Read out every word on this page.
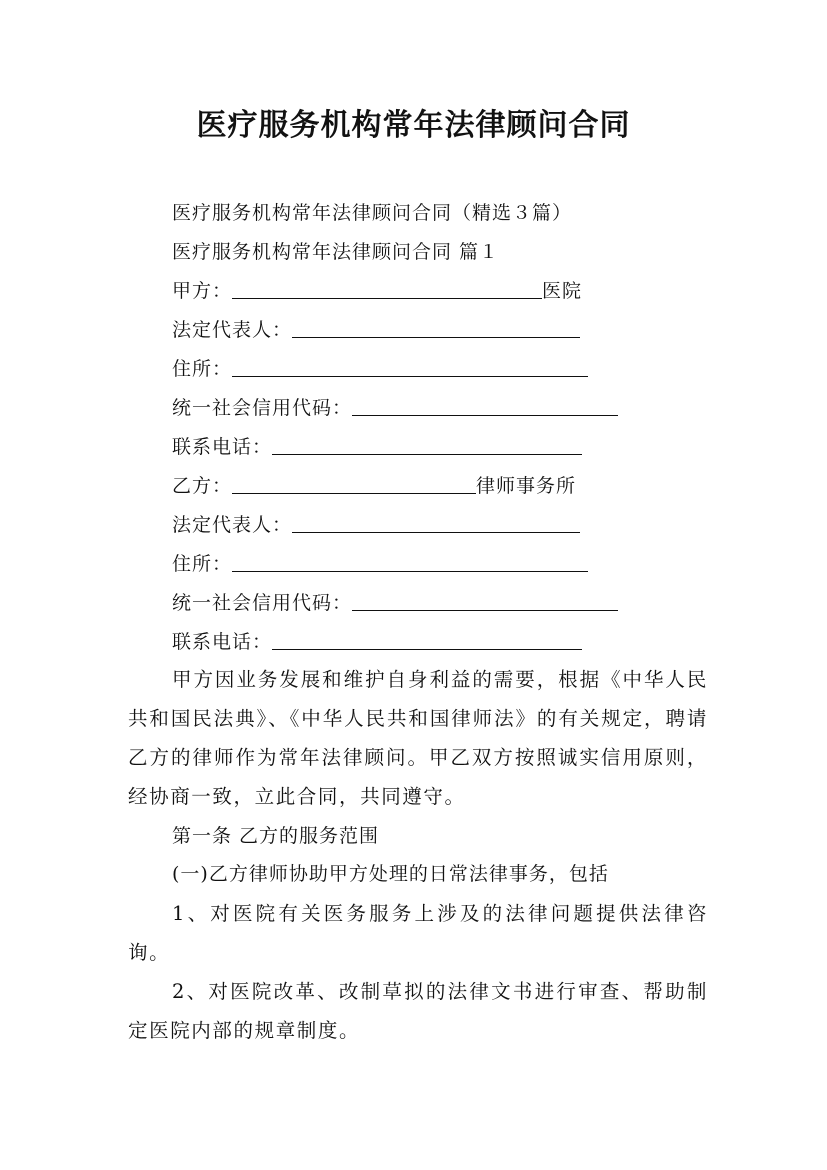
医疗服务机构常年法律顾问合同
医疗服务机构常年法律顾问合同（精选３篇）
医疗服务机构常年法律顾问合同 篇１
甲方：	医院
法定代表人：
住所：
统一社会信用代码：
联系电话：
乙方：	律师事务所
法定代表人：
住所：
统一社会信用代码：
联系电话：
甲方因业务发展和维护自身利益的需要，根据《中华人民共和国民法典》、《中华人民共和国律师法》的有关规定，聘请乙方的律师作为常年法律顾问。甲乙双方按照诚实信用原则，经协商一致，立此合同，共同遵守。
第一条 乙方的服务范围
(一)乙方律师协助甲方处理的日常法律事务，包括
1、对医院有关医务服务上涉及的法律问题提供法律咨询。
2、对医院改革、改制草拟的法律文书进行审查、帮助制定医院内部的规章制度。
